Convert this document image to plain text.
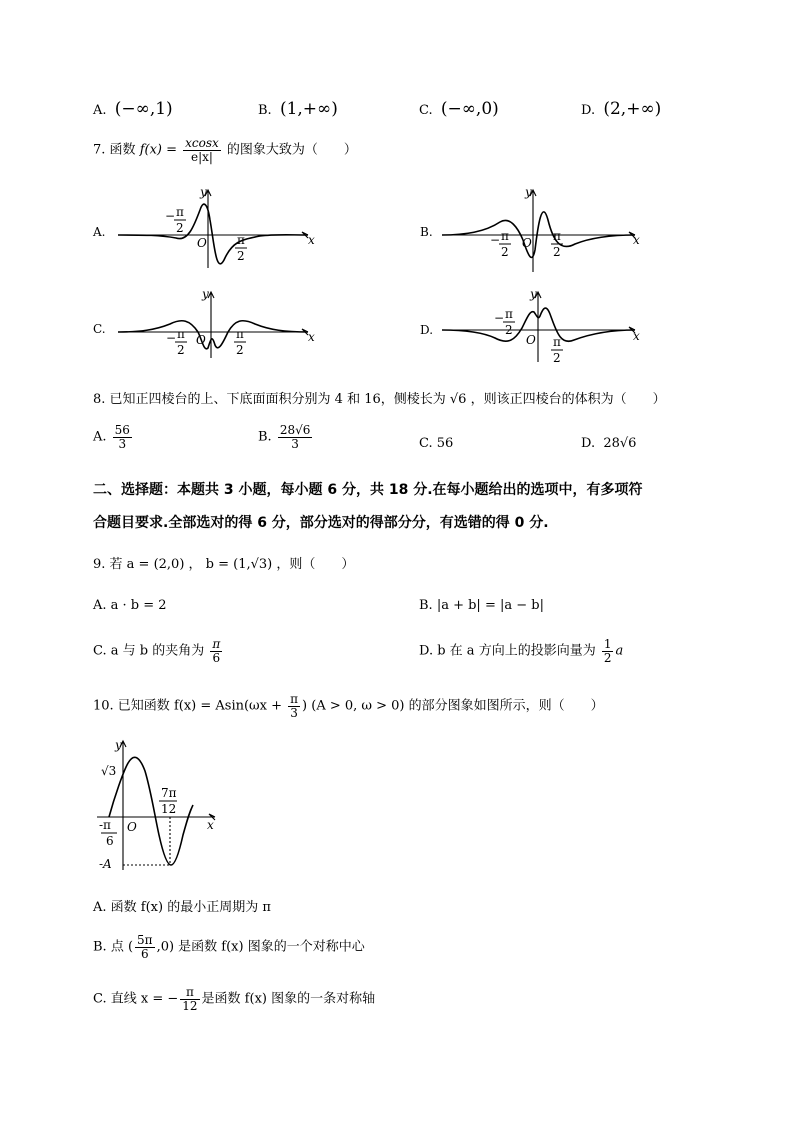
A. (−∞,1)	B. (1,+∞)	C. (−∞,0)	D. (2,+∞)
7. 函数 $f(x) = \frac{xcosx}{e|x|}$ 的图象大致为（　　）
A.	B.
C.	D.
y
x
O
− π
2
π
2
y
x
O
− π
2
π
2
y
x
O
− π
2
π
2
y
x
O
− π
2
π
2
8. 已知正四棱台的上、下底面面积分别为 4 和 16，侧棱长为 √6 ，则该正四棱台的体积为（　　）
A. $\frac{56}{3}$	B. $\frac{28√6}{3}$	C. 56	D. 28√6
二、选择题：本题共 3 小题，每小题 6 分，共 18 分.在每小题给出的选项中，有多项符
合题目要求.全部选对的得 6 分，部分选对的得部分分，有选错的得 0 分.
9. 若 a = (2,0) ， b = (1,√3) ，则（　　）
A. a · b = 2	B. |a + b| = |a − b|
C. a 与 b 的夹角为 $\frac{\pi}{6}$	D. b 在 a 方向上的投影向量为 $\frac{1}{2}$ a
10. 已知函数 $f(x) = Asin(\omega x + \frac{\pi}{3}$ ) (A > 0, ω > 0) 的部分图象如图所示，则（　　）
y
x
√3
7π
12
-π
6
O
-A
A. 函数 f(x) 的最小正周期为 π
B. 点 ( $\frac{5\pi}{6} ,0$) 是函数 f(x) 图象的一个对称中心
C. 直线 x = − $\frac{\pi}{12}$ 是函数 f(x) 图象的一条对称轴
